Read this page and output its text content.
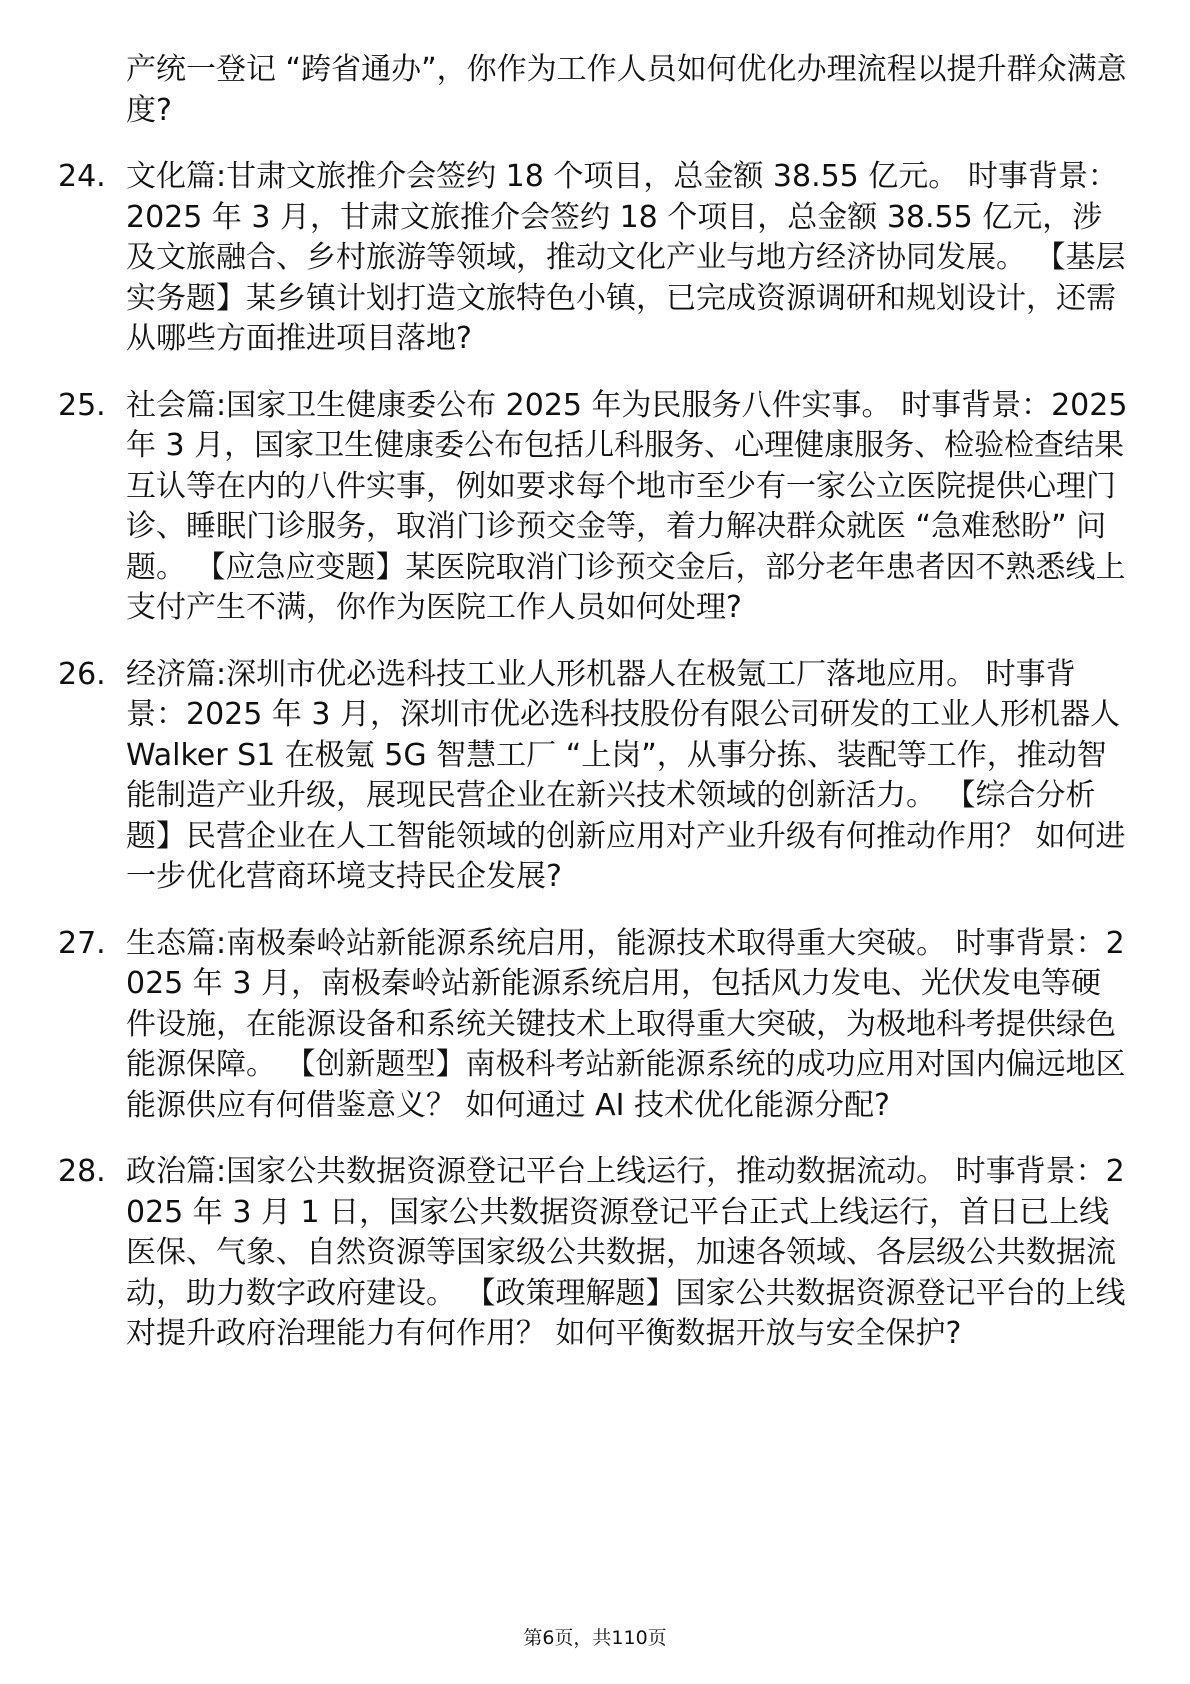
产统一登记 “跨省通办”，你作为工作人员如何优化办理流程以提升群众满意度?

24. 文化篇:甘肃文旅推介会签约 18 个项目，总金额 38.55 亿元。 时事背景：2025 年 3 月，甘肃文旅推介会签约 18 个项目，总金额 38.55 亿元，涉及文旅融合、乡村旅游等领域，推动文化产业与地方经济协同发展。 【基层实务题】某乡镇计划打造文旅特色小镇，已完成资源调研和规划设计，还需从哪些方面推进项目落地?
25. 社会篇:国家卫生健康委公布 2025 年为民服务八件实事。 时事背景：2025 年 3 月，国家卫生健康委公布包括儿科服务、心理健康服务、检验检查结果互认等在内的八件实事，例如要求每个地市至少有一家公立医院提供心理门诊、睡眠门诊服务，取消门诊预交金等，着力解决群众就医 “急难愁盼” 问题。 【应急应变题】某医院取消门诊预交金后，部分老年患者因不熟悉线上支付产生不满，你作为医院工作人员如何处理?
26. 经济篇:深圳市优必选科技工业人形机器人在极氪工厂落地应用。 时事背景：2025 年 3 月，深圳市优必选科技股份有限公司研发的工业人形机器人 Walker S1 在极氪 5G 智慧工厂 “上岗”，从事分拣、装配等工作，推动智能制造产业升级，展现民营企业在新兴技术领域的创新活力。 【综合分析题】民营企业在人工智能领域的创新应用对产业升级有何推动作用？ 如何进一步优化营商环境支持民企发展?
27. 生态篇:南极秦岭站新能源系统启用，能源技术取得重大突破。 时事背景：2025 年 3 月，南极秦岭站新能源系统启用，包括风力发电、光伏发电等硬件设施，在能源设备和系统关键技术上取得重大突破，为极地科考提供绿色能源保障。 【创新题型】南极科考站新能源系统的成功应用对国内偏远地区能源供应有何借鉴意义？ 如何通过 AI 技术优化能源分配?
28. 政治篇:国家公共数据资源登记平台上线运行，推动数据流动。 时事背景：2025 年 3 月 1 日，国家公共数据资源登记平台正式上线运行，首日已上线医保、气象、自然资源等国家级公共数据，加速各领域、各层级公共数据流动，助力数字政府建设。 【政策理解题】国家公共数据资源登记平台的上线对提升政府治理能力有何作用？ 如何平衡数据开放与安全保护?
第6页，共110页
